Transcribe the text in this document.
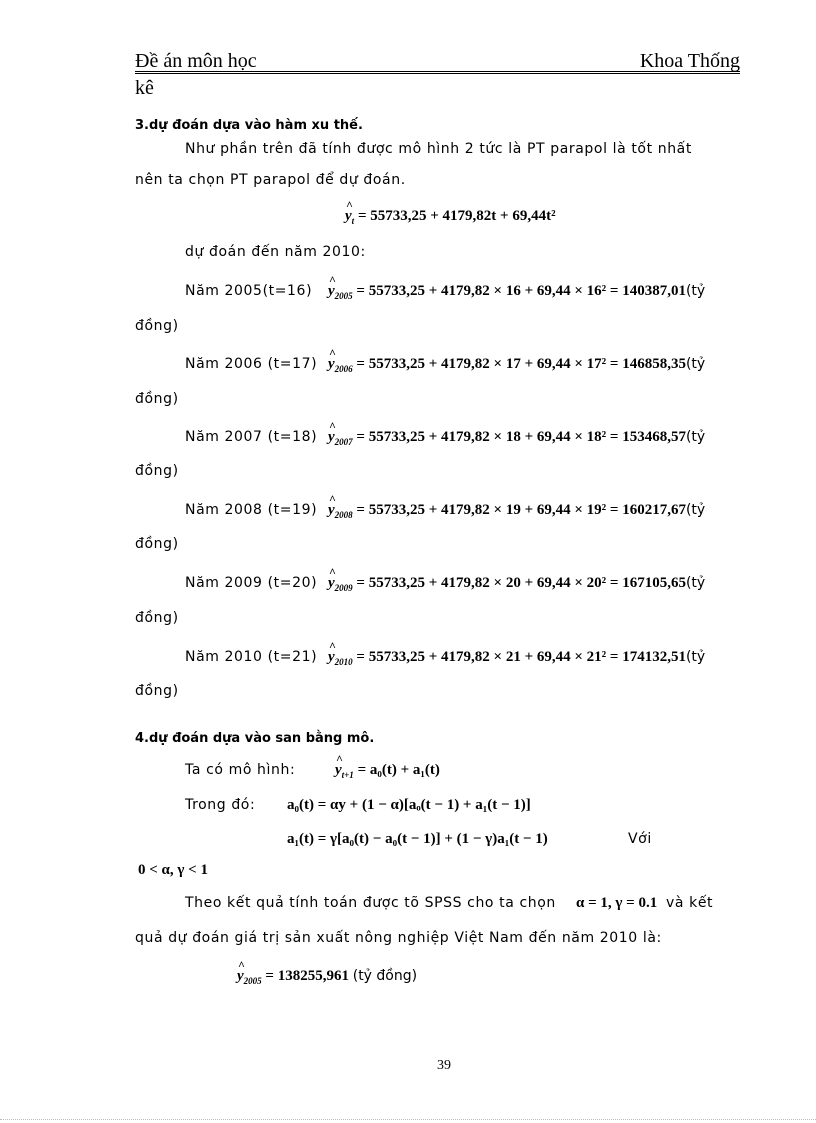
Đề án môn học	Khoa Thống
kê
3.dự đoán dựa vào hàm xu thế.
Như phần trên đã tính được mô hình 2 tức là PT parapol là tốt nhất
nên ta chọn PT parapol để dự đoán.
^ $y_t = 55733,25 + 4179,82t + 69,44t^2$
dự đoán đến năm 2010:
Năm 2005(t=16) ^ $y_{2005} = 55733,25 + 4179,82 \times 16 + 69,44 \times 16^2$ = 140387,01(tỷ
đồng)
Năm 2006 (t=17) ^ $y_{2006} = 55733,25 + 4179,82 \times 17 + 69,44 \times 17^2$ = 146858,35(tỷ
đồng)
Năm 2007 (t=18) ^ $y_{2007} = 55733,25 + 4179,82 \times 18 + 69,44 \times 18^2$ = 153468,57(tỷ
đồng)
Năm 2008 (t=19) ^ $y_{2008} = 55733,25 + 4179,82 \times 19 + 69,44 \times 19^2$ = 160217,67(tỷ
đồng)
Năm 2009 (t=20) ^ $y_{2009} = 55733,25 + 4179,82 \times 20 + 69,44 \times 20^2$ = 167105,65(tỷ
đồng)
Năm 2010 (t=21) ^ $y_{2010} = 55733,25 + 4179,82 \times 21 + 69,44 \times 21^2$ = 174132,51(tỷ
đồng)
4.dự đoán dựa vào san bằng mô.
Ta có mô hình:	^ $y_{t+1} = a_0(t) + a_1(t)$
Trong đó: a₀(t) = αy + (1 − α)[aₒ(t − 1) + a₁(t − 1)]
a₁(t) = γ[a₀(t) − a₀(t − 1)] + (1 − γ)a₁(t − 1)	Với
0 < α, γ < 1
Theo kết quả tính toán được tõ SPSS cho ta chọn α = 1, γ = 0.1 và kết
quả dự đoán giá trị sản xuất nông nghiệp Việt Nam đến năm 2010 là:
^ $y_{2005} = 138255,961$ (tỷ đồng)
39
